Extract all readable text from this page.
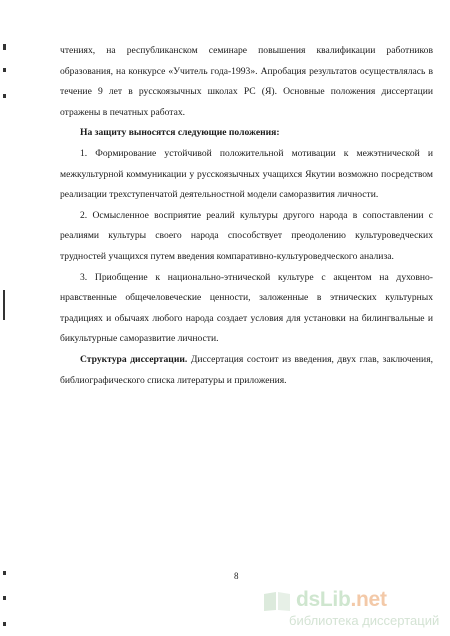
чтениях, на республиканском семинаре повышения квалификации работников образования, на конкурсе «Учитель года-1993». Апробация результатов осуществлялась в течение 9 лет в русскоязычных школах РС (Я). Основные положения диссертации отражены в печатных работах.

На защиту выносятся следующие положения:

1. Формирование устойчивой положительной мотивации к межэтнической и межкультурной коммуникации у русскоязычных учащихся Якутии возможно посредством реализации трехступенчатой деятельностной модели саморазвития личности.

2. Осмысленное восприятие реалий культуры другого народа в сопоставлении с реалиями культуры своего народа способствует преодолению культуроведческих трудностей учащихся путем введения компаративно-культуроведческого анализа.

3. Приобщение к национально-этнической культуре с акцентом на духовно-нравственные общечеловеческие ценности, заложенные в этнических культурных традициях и обычаях любого народа создает условия для установки на билингвальные и бикультурные саморазвитие личности.

Структура диссертации. Диссертация состоит из введения, двух глав, заключения, библиографического списка литературы и приложения.

8
dsLib.net
библиотека диссертаций
